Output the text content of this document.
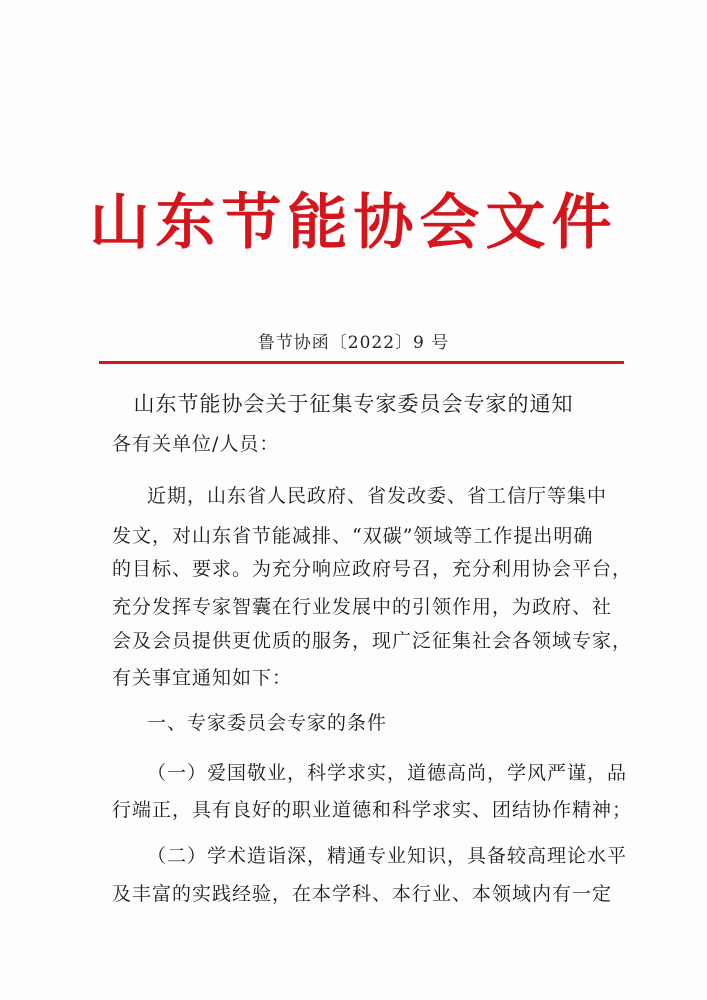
山东节能协会文件
鲁节协函〔2022〕9 号
山东节能协会关于征集专家委员会专家的通知
各有关单位/人员：
近期，山东省人民政府、省发改委、省工信厅等集中
发文，对山东省节能减排、“双碳”领域等工作提出明确
的目标、要求。为充分响应政府号召，充分利用协会平台，
充分发挥专家智囊在行业发展中的引领作用，为政府、社
会及会员提供更优质的服务，现广泛征集社会各领域专家，
有关事宜通知如下：
一、专家委员会专家的条件
（一）爱国敬业，科学求实，道德高尚，学风严谨，品
行端正，具有良好的职业道德和科学求实、团结协作精神；
（二）学术造诣深，精通专业知识，具备较高理论水平
及丰富的实践经验，在本学科、本行业、本领域内有一定
